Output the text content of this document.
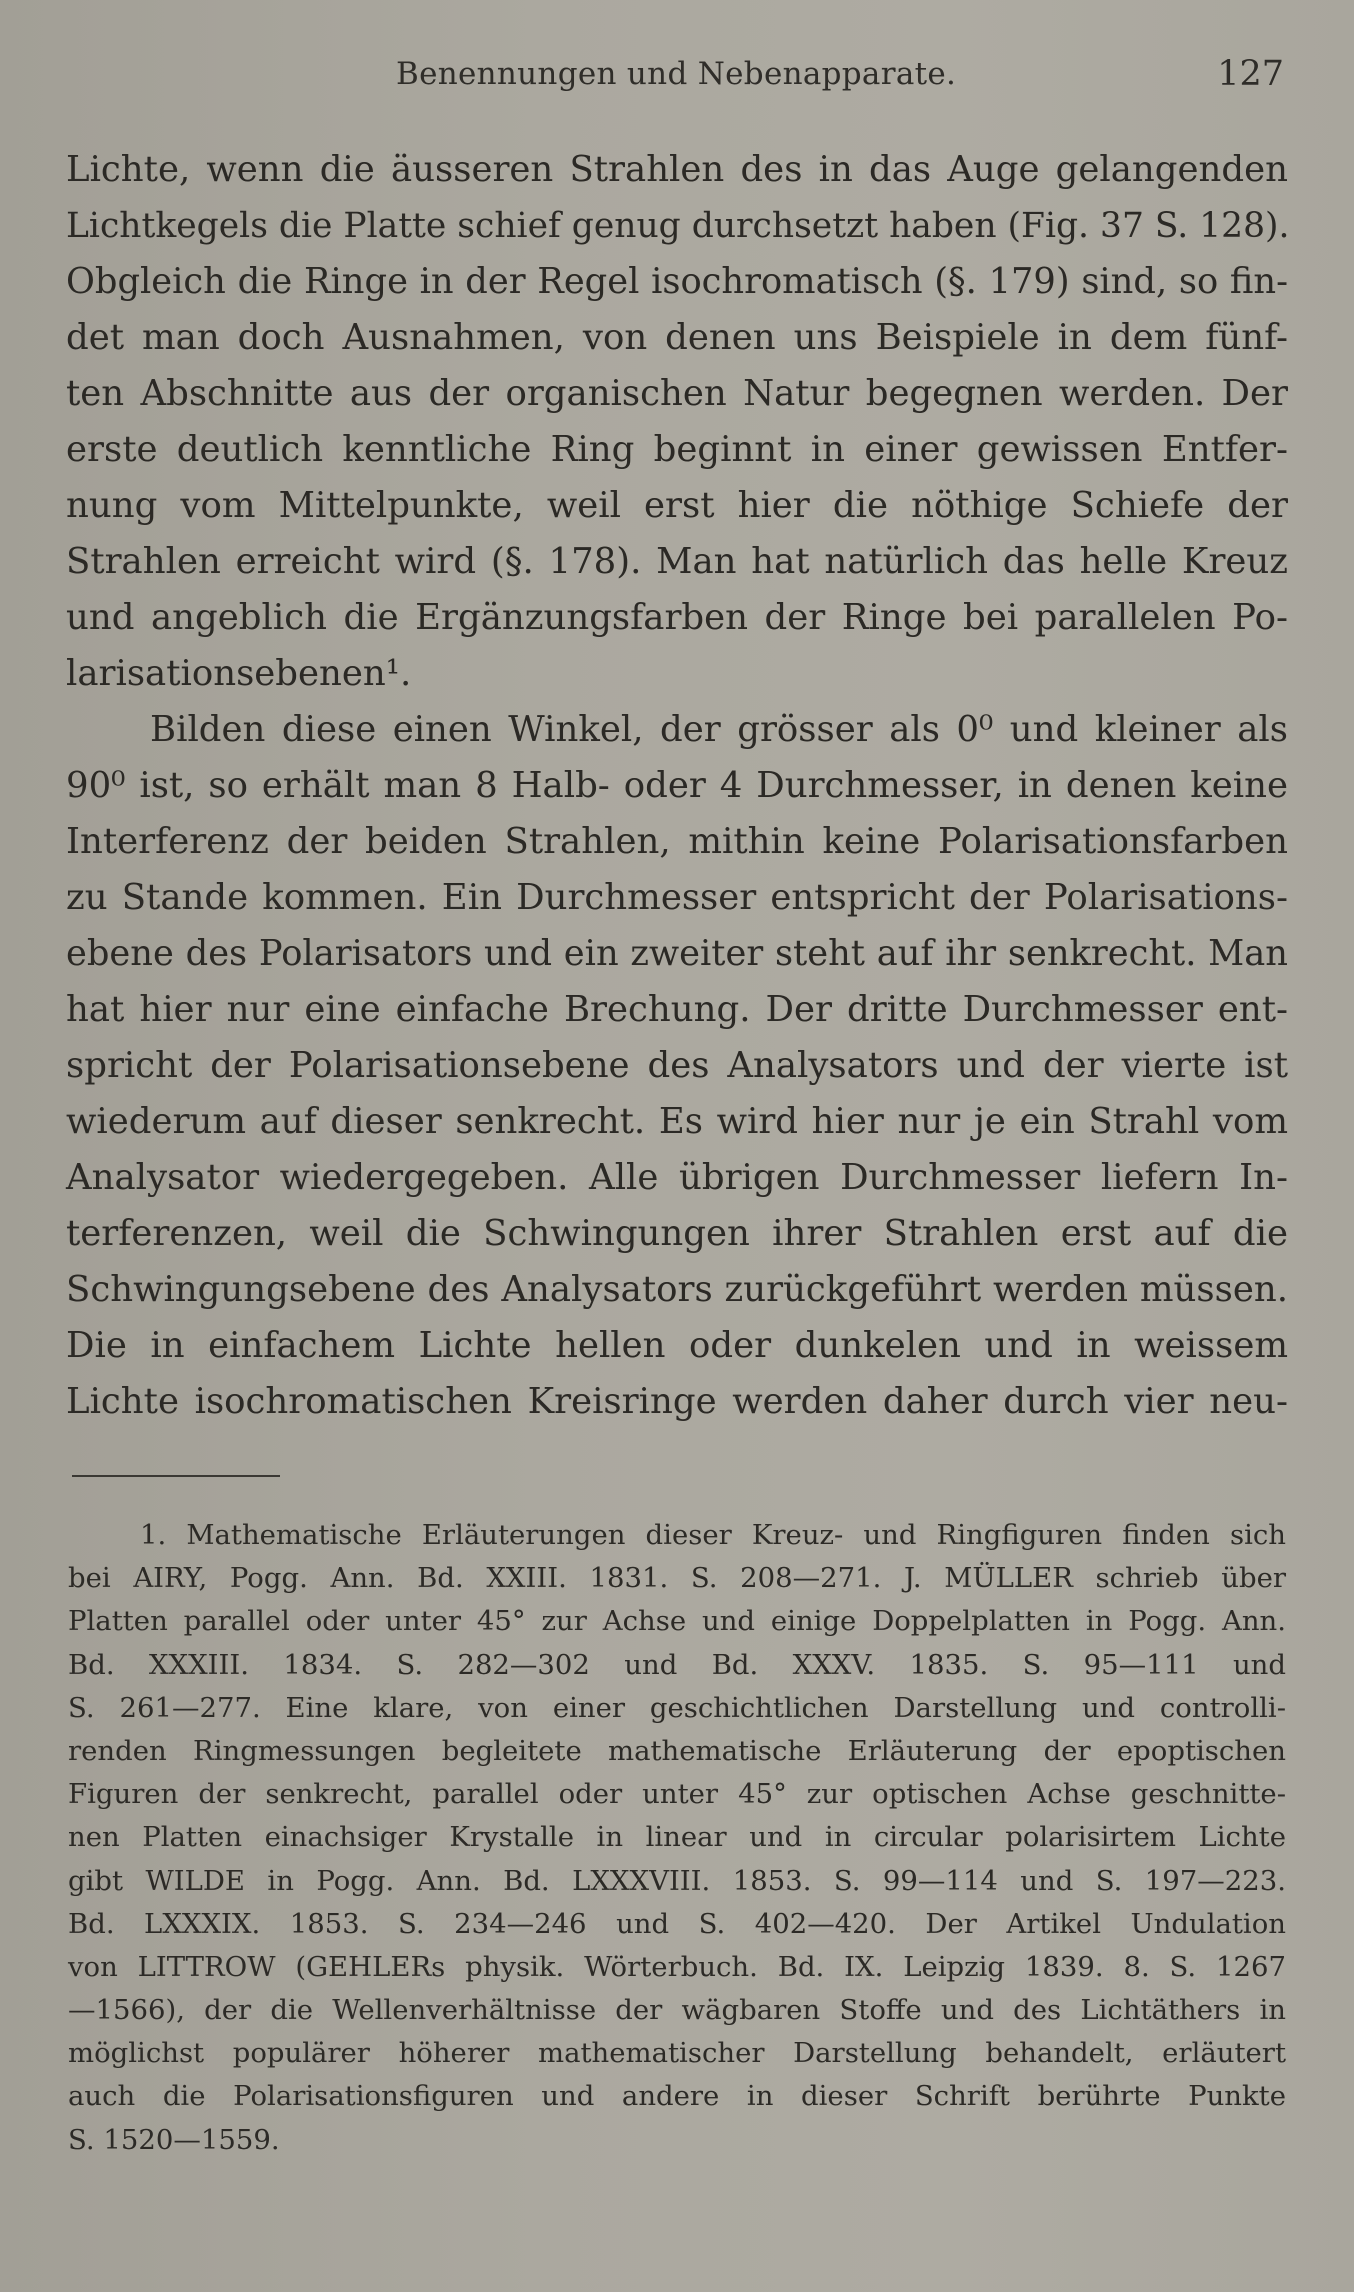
Benennungen und Nebenapparate.	127
Lichte, wenn die äusseren Strahlen des in das Auge gelangenden
Lichtkegels die Platte schief genug durchsetzt haben (Fig. 37 S. 128).
Obgleich die Ringe in der Regel isochromatisch (§. 179) sind, so fin-
det man doch Ausnahmen, von denen uns Beispiele in dem fünf-
ten Abschnitte aus der organischen Natur begegnen werden. Der
erste deutlich kenntliche Ring beginnt in einer gewissen Entfer-
nung vom Mittelpunkte, weil erst hier die nöthige Schiefe der
Strahlen erreicht wird (§. 178). Man hat natürlich das helle Kreuz
und angeblich die Ergänzungsfarben der Ringe bei parallelen Po-
larisationsebenen¹.
Bilden diese einen Winkel, der grösser als 0⁰ und kleiner als
90⁰ ist, so erhält man 8 Halb- oder 4 Durchmesser, in denen keine
Interferenz der beiden Strahlen, mithin keine Polarisationsfarben
zu Stande kommen. Ein Durchmesser entspricht der Polarisations-
ebene des Polarisators und ein zweiter steht auf ihr senkrecht. Man
hat hier nur eine einfache Brechung. Der dritte Durchmesser ent-
spricht der Polarisationsebene des Analysators und der vierte ist
wiederum auf dieser senkrecht. Es wird hier nur je ein Strahl vom
Analysator wiedergegeben. Alle übrigen Durchmesser liefern In-
terferenzen, weil die Schwingungen ihrer Strahlen erst auf die
Schwingungsebene des Analysators zurückgeführt werden müssen.
Die in einfachem Lichte hellen oder dunkelen und in weissem
Lichte isochromatischen Kreisringe werden daher durch vier neu-
1. Mathematische Erläuterungen dieser Kreuz- und Ringfiguren finden sich
bei AIRY, Pogg. Ann. Bd. XXIII. 1831. S. 208—271. J. MÜLLER schrieb über
Platten parallel oder unter 45° zur Achse und einige Doppelplatten in Pogg. Ann.
Bd. XXXIII. 1834. S. 282—302 und Bd. XXXV. 1835. S. 95—111 und
S. 261—277. Eine klare, von einer geschichtlichen Darstellung und controlli-
renden Ringmessungen begleitete mathematische Erläuterung der epoptischen
Figuren der senkrecht, parallel oder unter 45° zur optischen Achse geschnitte-
nen Platten einachsiger Krystalle in linear und in circular polarisirtem Lichte
gibt WILDE in Pogg. Ann. Bd. LXXXVIII. 1853. S. 99—114 und S. 197—223.
Bd. LXXXIX. 1853. S. 234—246 und S. 402—420. Der Artikel Undulation
von LITTROW (GEHLERs physik. Wörterbuch. Bd. IX. Leipzig 1839. 8. S. 1267
—1566), der die Wellenverhältnisse der wägbaren Stoffe und des Lichtäthers in
möglichst populärer höherer mathematischer Darstellung behandelt, erläutert
auch die Polarisationsfiguren und andere in dieser Schrift berührte Punkte
S. 1520—1559.
